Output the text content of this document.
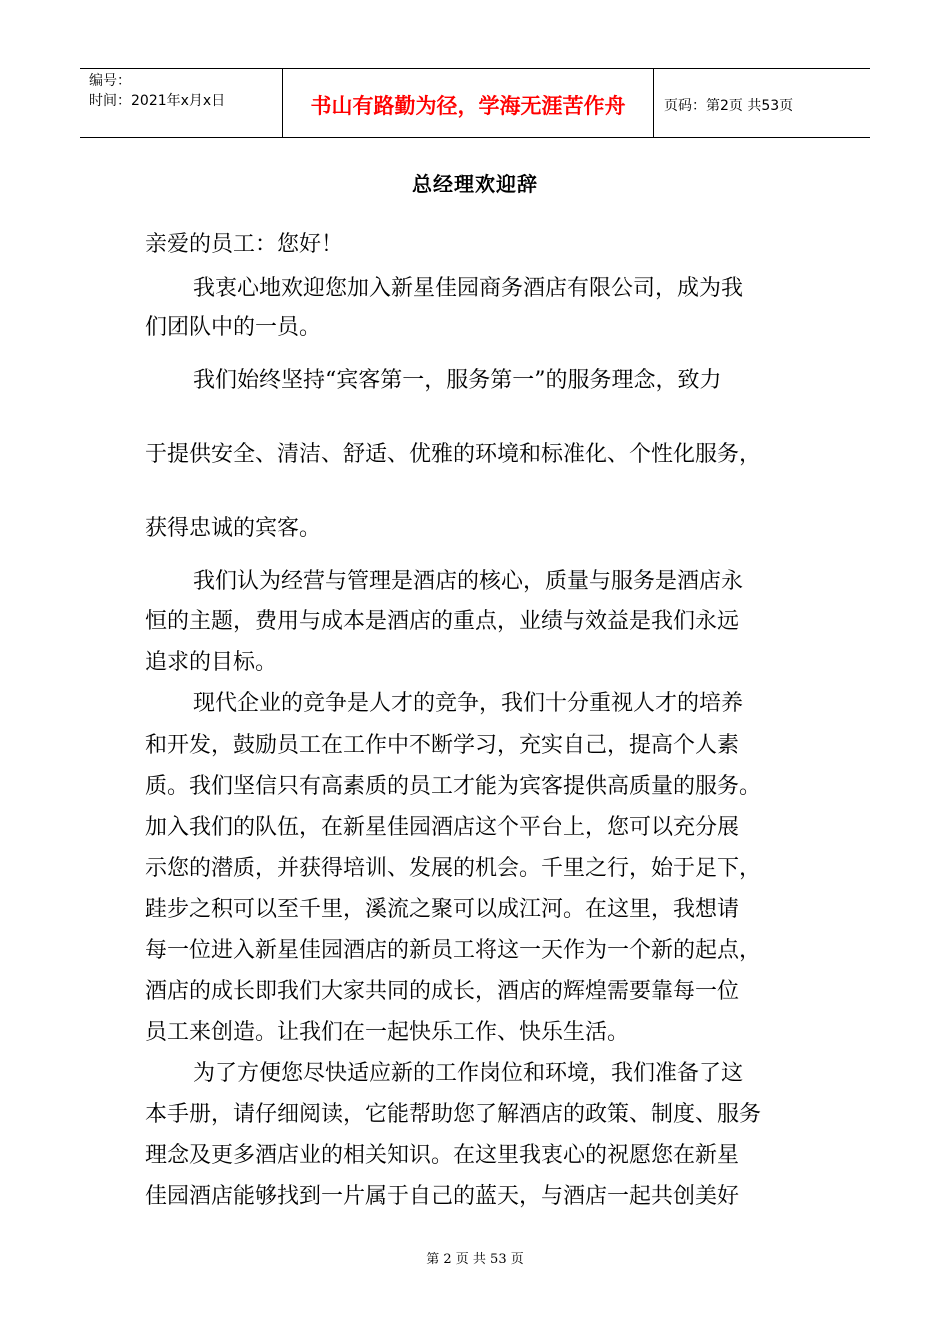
编号：
时间：2021年x月x日	书山有路勤为径，学海无涯苦作舟	页码：第2页 共53页
总经理欢迎辞
亲爱的员工：您好！
我衷心地欢迎您加入新星佳园商务酒店有限公司，成为我
们团队中的一员。
我们始终坚持“宾客第一，服务第一”的服务理念，致力
于提供安全、清洁、舒适、优雅的环境和标准化、个性化服务，
获得忠诚的宾客。
我们认为经营与管理是酒店的核心，质量与服务是酒店永
恒的主题，费用与成本是酒店的重点，业绩与效益是我们永远
追求的目标。
现代企业的竞争是人才的竞争，我们十分重视人才的培养
和开发，鼓励员工在工作中不断学习，充实自己，提高个人素
质。我们坚信只有高素质的员工才能为宾客提供高质量的服务。
加入我们的队伍，在新星佳园酒店这个平台上，您可以充分展
示您的潜质，并获得培训、发展的机会。千里之行，始于足下，
跬步之积可以至千里，溪流之聚可以成江河。在这里，我想请
每一位进入新星佳园酒店的新员工将这一天作为一个新的起点，
酒店的成长即我们大家共同的成长，酒店的辉煌需要靠每一位
员工来创造。让我们在一起快乐工作、快乐生活。
为了方便您尽快适应新的工作岗位和环境，我们准备了这
本手册，请仔细阅读，它能帮助您了解酒店的政策、制度、服务
理念及更多酒店业的相关知识。在这里我衷心的祝愿您在新星
佳园酒店能够找到一片属于自己的蓝天，与酒店一起共创美好
第 2 页 共 53 页
